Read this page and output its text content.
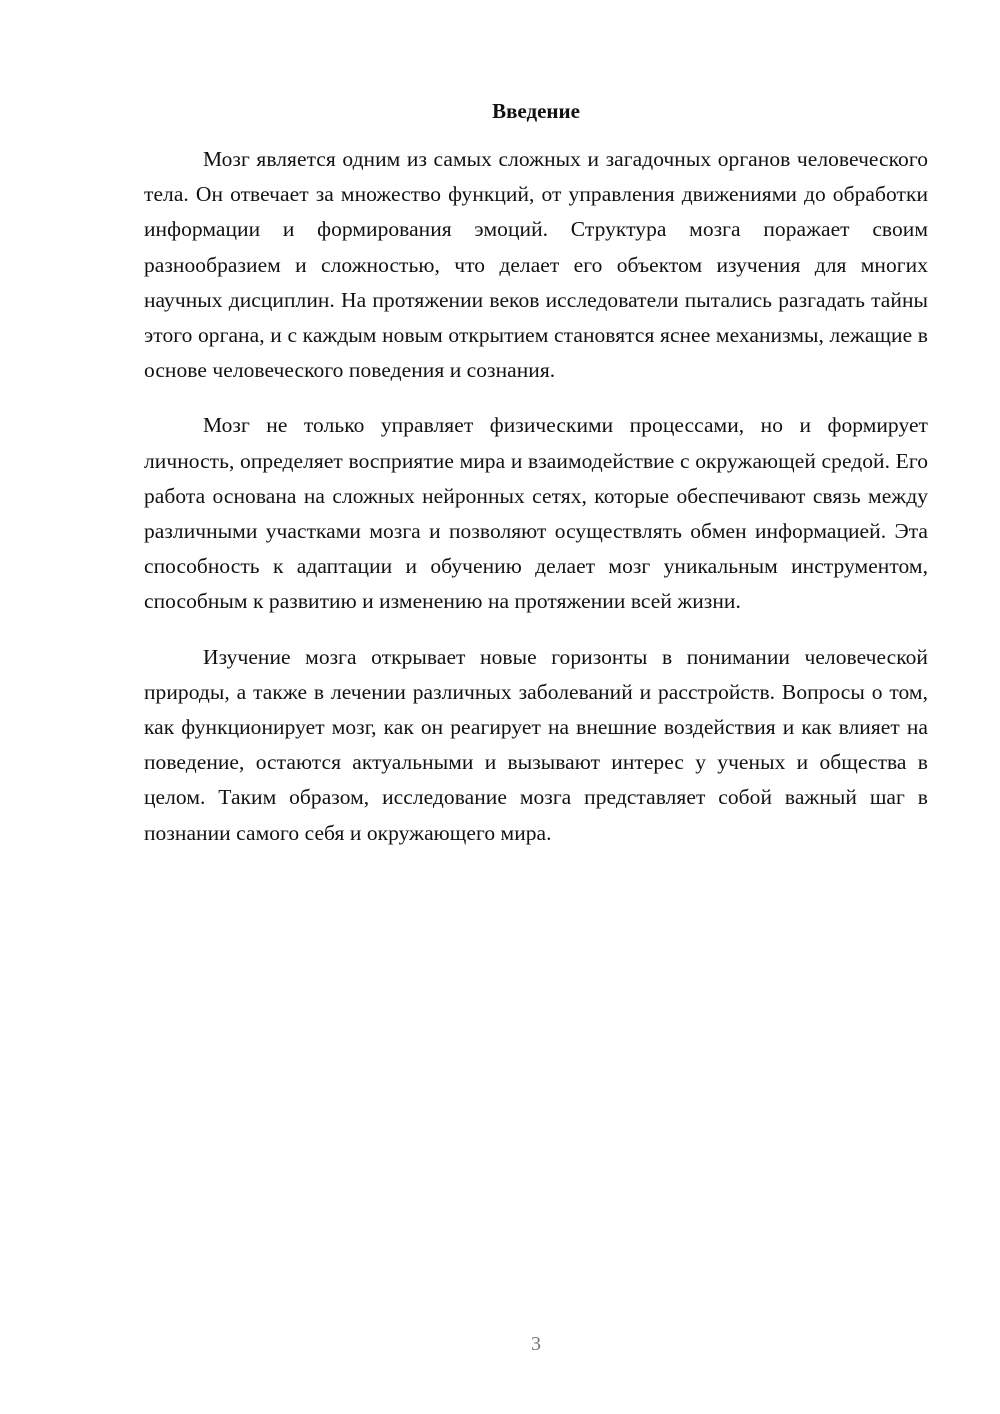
Введение

Мозг является одним из самых сложных и загадочных органов человеческого тела. Он отвечает за множество функций, от управления движениями до обработки информации и формирования эмоций. Структура мозга поражает своим разнообразием и сложностью, что делает его объектом изучения для многих научных дисциплин. На протяжении веков исследователи пытались разгадать тайны этого органа, и с каждым новым открытием становятся яснее механизмы, лежащие в основе человеческого поведения и сознания.

Мозг не только управляет физическими процессами, но и формирует личность, определяет восприятие мира и взаимодействие с окружающей средой. Его работа основана на сложных нейронных сетях, которые обеспечивают связь между различными участками мозга и позволяют осуществлять обмен информацией. Эта способность к адаптации и обучению делает мозг уникальным инструментом, способным к развитию и изменению на протяжении всей жизни.

Изучение мозга открывает новые горизонты в понимании человеческой природы, а также в лечении различных заболеваний и расстройств. Вопросы о том, как функционирует мозг, как он реагирует на внешние воздействия и как влияет на поведение, остаются актуальными и вызывают интерес у ученых и общества в целом. Таким образом, исследование мозга представляет собой важный шаг в познании самого себя и окружающего мира.

3
